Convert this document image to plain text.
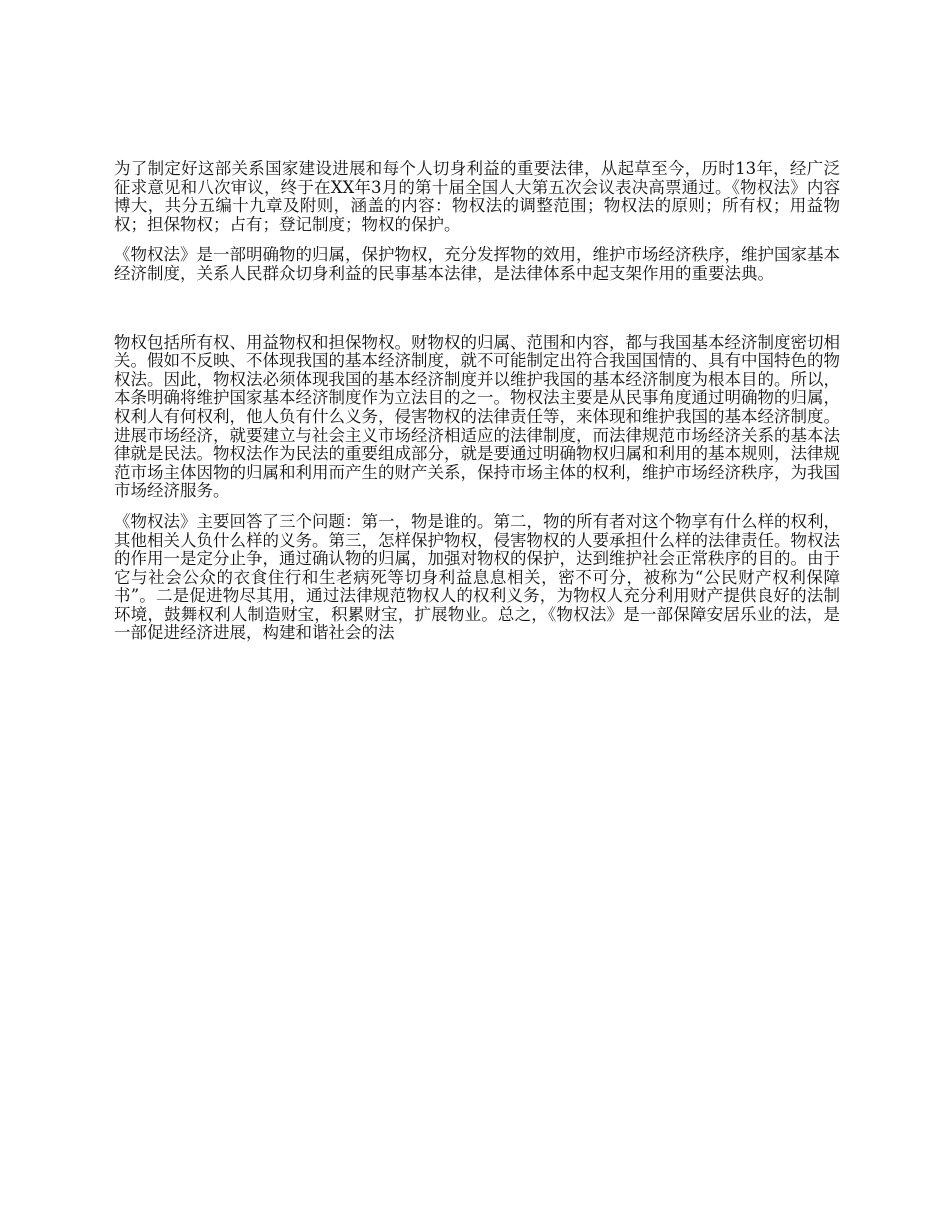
为了制定好这部关系国家建设进展和每个人切身利益的重要法律，从起草至今，历时13年，经广泛征求意见和八次审议，终于在XX年3月的第十届全国人大第五次会议表决高票通过。《物权法》内容博大，共分五编十九章及附则，涵盖的内容：物权法的调整范围；物权法的原则；所有权；用益物权；担保物权；占有；登记制度；物权的保护。

《物权法》是一部明确物的归属，保护物权，充分发挥物的效用，维护市场经济秩序，维护国家基本经济制度，关系人民群众切身利益的民事基本法律，是法律体系中起支架作用的重要法典。

物权包括所有权、用益物权和担保物权。财物权的归属、范围和内容，都与我国基本经济制度密切相关。假如不反映、不体现我国的基本经济制度，就不可能制定出符合我国国情的、具有中国特色的物权法。因此，物权法必须体现我国的基本经济制度并以维护我国的基本经济制度为根本目的。所以，本条明确将维护国家基本经济制度作为立法目的之一。物权法主要是从民事角度通过明确物的归属，权利人有何权利，他人负有什么义务，侵害物权的法律责任等，来体现和维护我国的基本经济制度。进展市场经济，就要建立与社会主义市场经济相适应的法律制度，而法律规范市场经济关系的基本法律就是民法。物权法作为民法的重要组成部分，就是要通过明确物权归属和利用的基本规则，法律规范市场主体因物的归属和利用而产生的财产关系，保持市场主体的权利，维护市场经济秩序，为我国市场经济服务。

《物权法》主要回答了三个问题：第一，物是谁的。第二，物的所有者对这个物享有什么样的权利，其他相关人负什么样的义务。第三，怎样保护物权，侵害物权的人要承担什么样的法律责任。物权法的作用一是定分止争，通过确认物的归属，加强对物权的保护，达到维护社会正常秩序的目的。由于它与社会公众的衣食住行和生老病死等切身利益息息相关，密不可分，被称为“公民财产权利保障书”。二是促进物尽其用，通过法律规范物权人的权利义务，为物权人充分利用财产提供良好的法制环境，鼓舞权利人制造财宝，积累财宝，扩展物业。总之，《物权法》是一部保障安居乐业的法，是一部促进经济进展，构建和谐社会的法
